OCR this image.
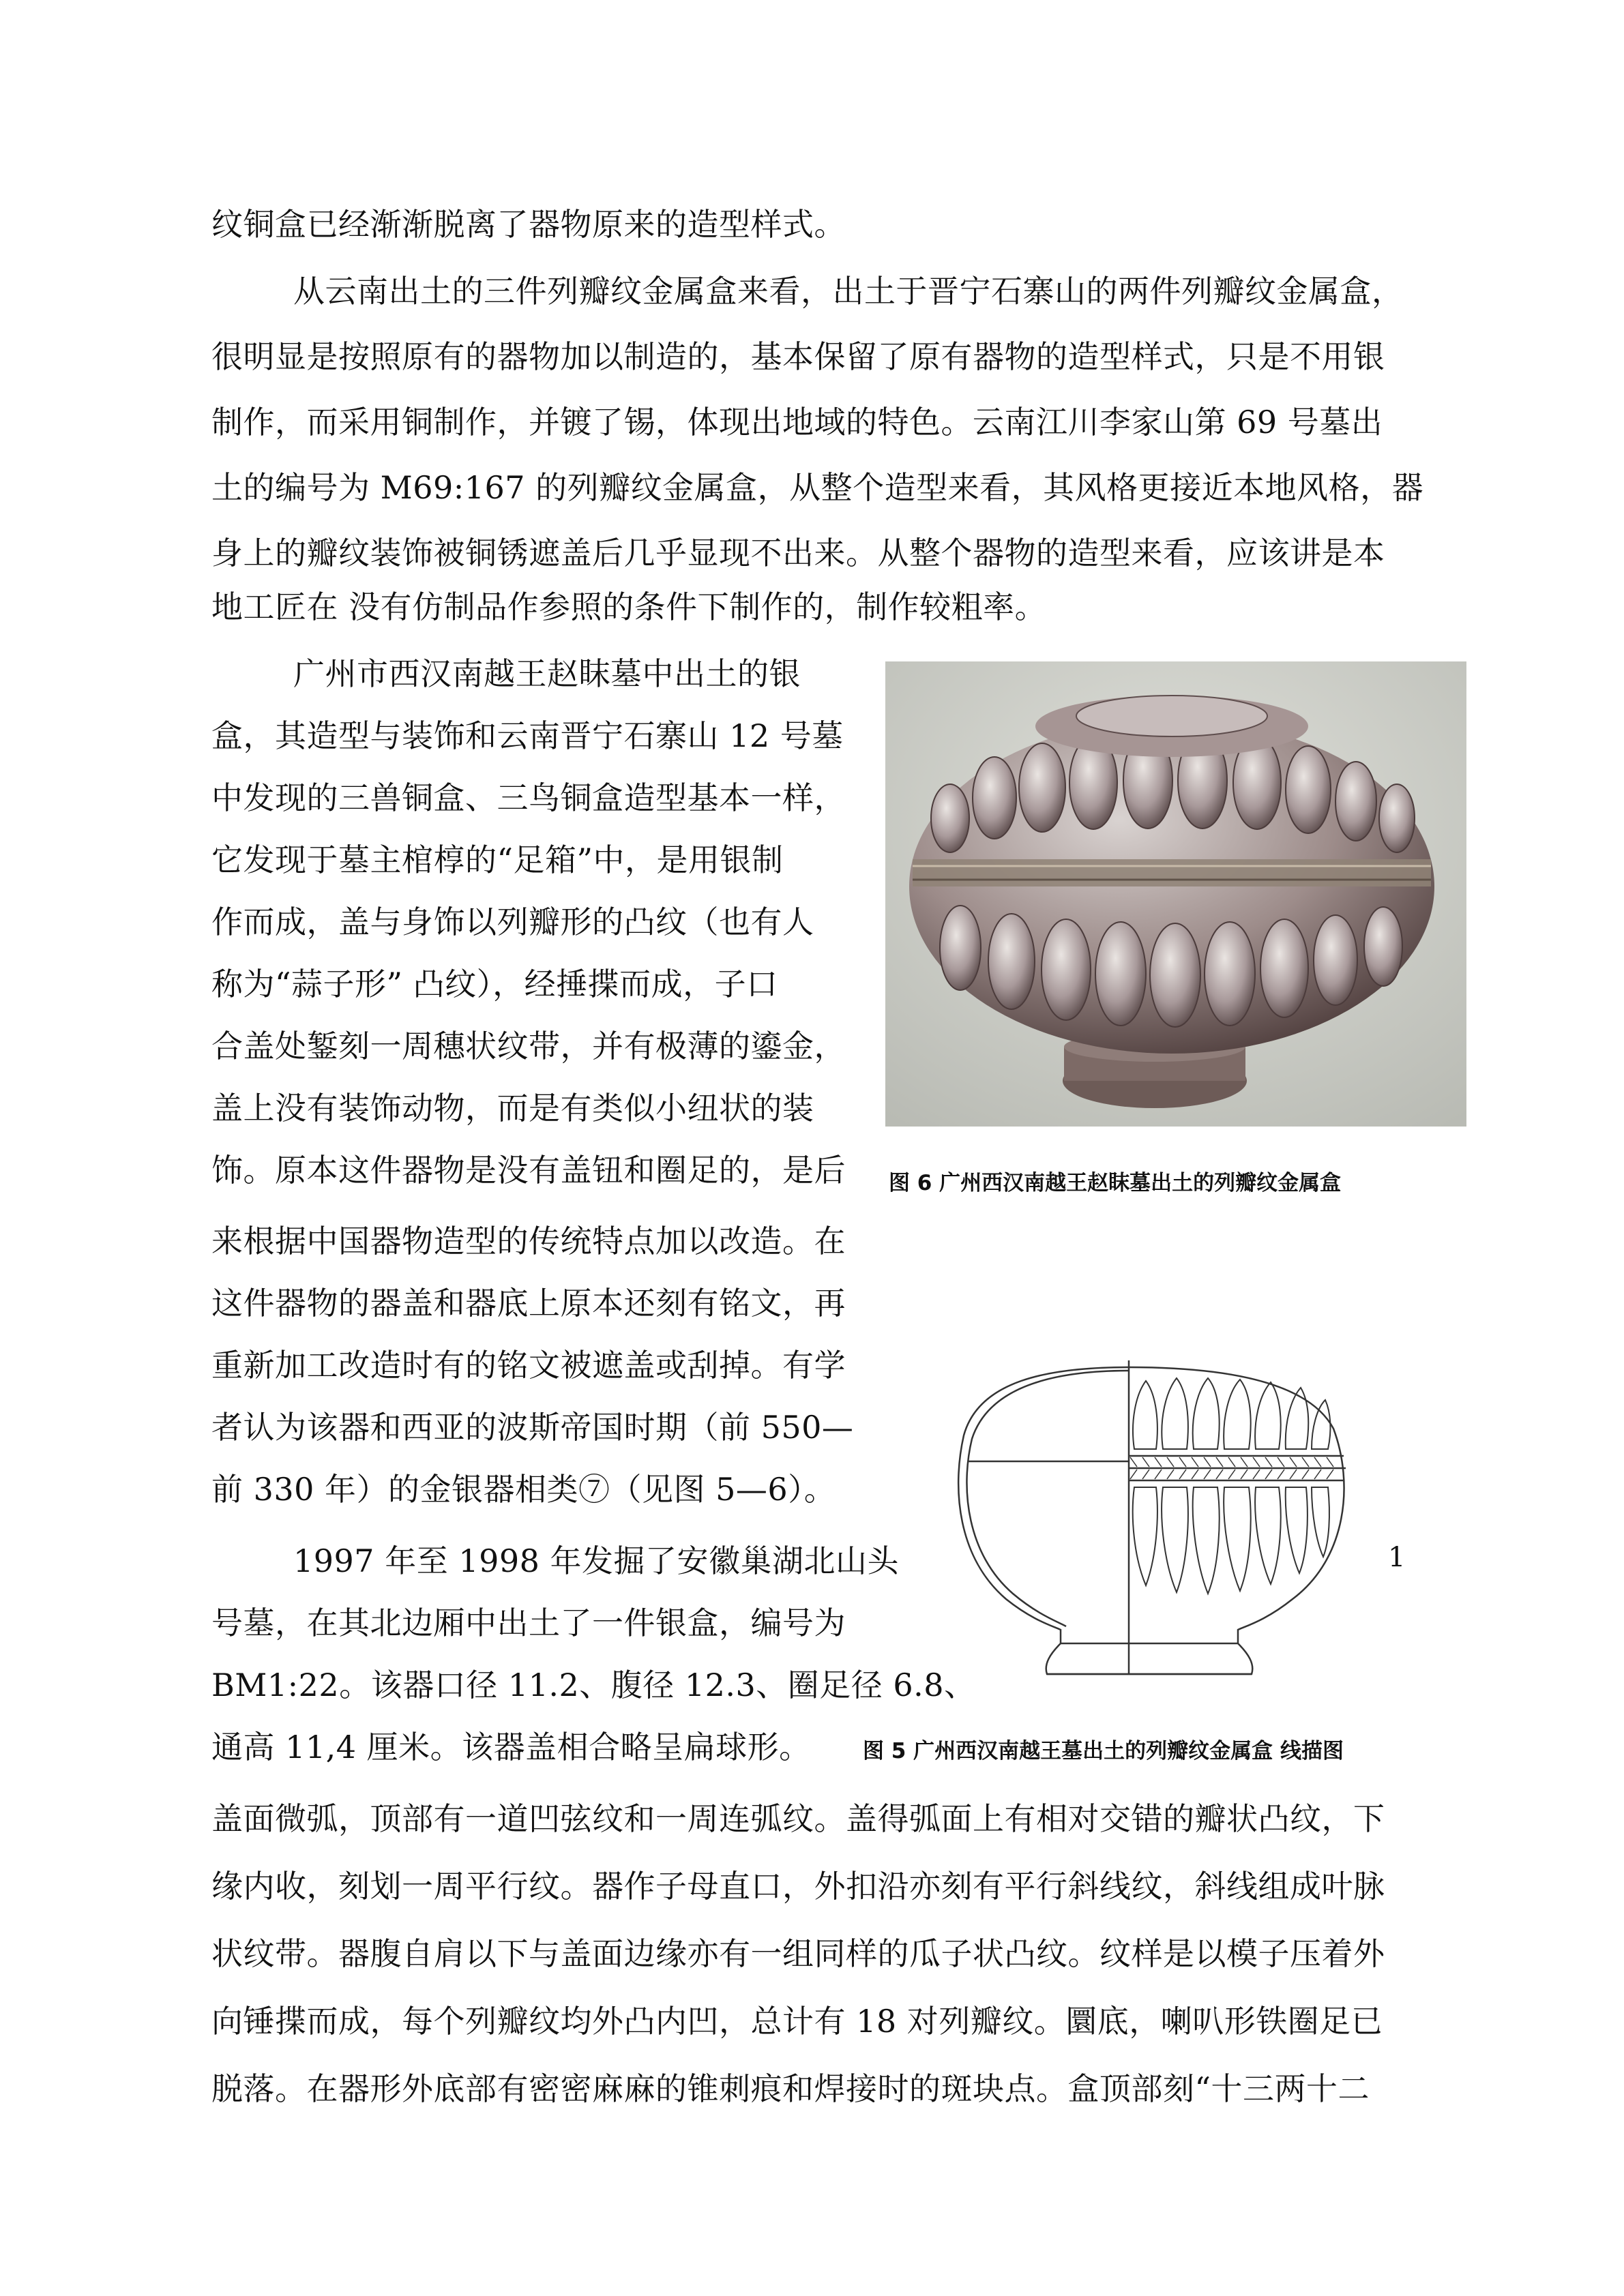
纹铜盒已经渐渐脱离了器物原来的造型样式。

从云南出土的三件列瓣纹金属盒来看，出土于晋宁石寨山的两件列瓣纹金属盒，

很明显是按照原有的器物加以制造的，基本保留了原有器物的造型样式，只是不用银

制作，而采用铜制作，并镀了锡，体现出地域的特色。云南江川李家山第 69 号墓出

土的编号为 M69:167 的列瓣纹金属盒，从整个造型来看，其风格更接近本地风格，器

身上的瓣纹装饰被铜锈遮盖后几乎显现不出来。从整个器物的造型来看，应该讲是本

地工匠在 没有仿制品作参照的条件下制作的，制作较粗率。

广州市西汉南越王赵眜墓中出土的银

盒，其造型与装饰和云南晋宁石寨山 12 号墓

中发现的三兽铜盒、三鸟铜盒造型基本一样，

它发现于墓主棺椁的“足箱”中，是用银制

作而成，盖与身饰以列瓣形的凸纹（也有人

称为“蒜子形” 凸纹），经捶揲而成，子口

合盖处錾刻一周穗状纹带，并有极薄的鎏金，

盖上没有装饰动物，而是有类似小纽状的装

饰。原本这件器物是没有盖钮和圈足的，是后

来根据中国器物造型的传统特点加以改造。在

这件器物的器盖和器底上原本还刻有铭文，再

重新加工改造时有的铭文被遮盖或刮掉。有学

者认为该器和西亚的波斯帝国时期（前 550—

前 330 年）的金银器相类⑦（见图 5—6）。

1997 年至 1998 年发掘了安徽巢湖北山头

号墓，在其北边厢中出土了一件银盒，编号为

BM1:22。该器口径 11.2、腹径 12.3、圈足径 6.8、

通高 11,4 厘米。该器盖相合略呈扁球形。

盖面微弧，顶部有一道凹弦纹和一周连弧纹。盖得弧面上有相对交错的瓣状凸纹，下

缘内收，刻划一周平行纹。器作子母直口，外扣沿亦刻有平行斜线纹，斜线组成叶脉

状纹带。器腹自肩以下与盖面边缘亦有一组同样的瓜子状凸纹。纹样是以模子压着外

向锤揲而成，每个列瓣纹均外凸内凹，总计有 18 对列瓣纹。圜底，喇叭形铁圈足已

脱落。在器形外底部有密密麻麻的锥刺痕和焊接时的斑块点。盒顶部刻“十三两十二

图 6 广州西汉南越王赵眜墓出土的列瓣纹金属盒

1

图 5 广州西汉南越王墓出土的列瓣纹金属盒 线描图
